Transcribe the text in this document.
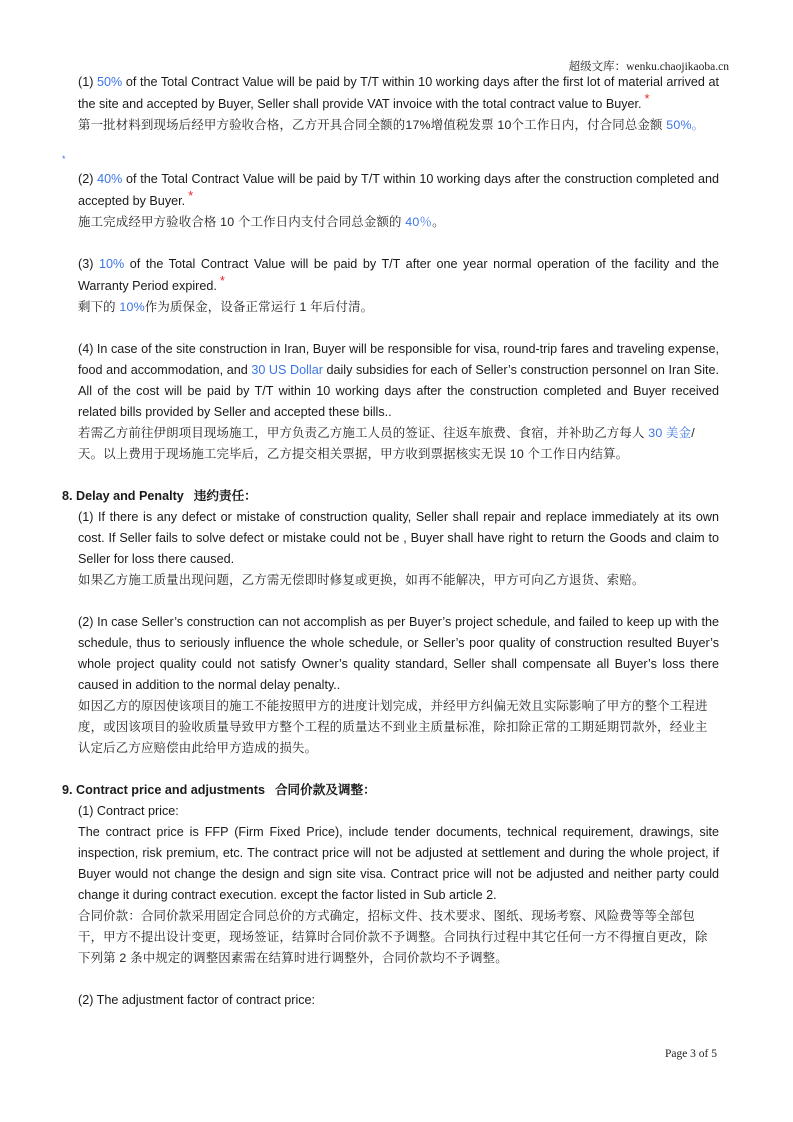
超级文库：wenku.chaojikaoba.cn
*

(1) 50% of the Total Contract Value will be paid by T/T within 10 working days after the first lot of material arrived at the site and accepted by Buyer, Seller shall provide VAT invoice with the total contract value to Buyer. *

第一批材料到现场后经甲方验收合格，乙方开具合同全额的17%增值税发票 10个工作日内，付合同总金额 50%。

(2) 40% of the Total Contract Value will be paid by T/T within 10 working days after the construction completed and accepted by Buyer. *

施工完成经甲方验收合格 10 个工作日内支付合同总金额的 40％。

(3) 10% of the Total Contract Value will be paid by T/T after one year normal operation of the facility and the Warranty Period expired. *

剩下的 10%作为质保金，设备正常运行 1 年后付清。

(4) In case of the site construction in Iran, Buyer will be responsible for visa, round-trip fares and traveling expense, food and accommodation, and 30 US Dollar daily subsidies for each of Seller’s construction personnel on Iran Site. All of the cost will be paid by T/T within 10 working days after the construction completed and Buyer received related bills provided by Seller and accepted these bills..

若需乙方前往伊朗项目现场施工，甲方负责乙方施工人员的签证、往返车旅费、食宿，并补助乙方每人 30 美金/天。以上费用于现场施工完毕后，乙方提交相关票据，甲方收到票据核实无误 10 个工作日内结算。

8. Delay and Penalty 违约责任：

(1) If there is any defect or mistake of construction quality, Seller shall repair and replace immediately at its own cost. If Seller fails to solve defect or mistake could not be , Buyer shall have right to return the Goods and claim to Seller for loss there caused.

如果乙方施工质量出现问题，乙方需无偿即时修复或更换，如再不能解决，甲方可向乙方退货、索赔。

(2) In case Seller’s construction can not accomplish as per Buyer’s project schedule, and failed to keep up with the schedule, thus to seriously influence the whole schedule, or Seller’s poor quality of construction resulted Buyer’s whole project quality could not satisfy Owner’s quality standard, Seller shall compensate all Buyer’s loss there caused in addition to the normal delay penalty..

如因乙方的原因使该项目的施工不能按照甲方的进度计划完成，并经甲方纠偏无效且实际影响了甲方的整个工程进度，或因该项目的验收质量导致甲方整个工程的质量达不到业主质量标准，除扣除正常的工期延期罚款外，经业主认定后乙方应赔偿由此给甲方造成的损失。

9. Contract price and adjustments 合同价款及调整：

(1) Contract price:

The contract price is FFP (Firm Fixed Price), include tender documents, technical requirement, drawings, site inspection, risk premium, etc. The contract price will not be adjusted at settlement and during the whole project, if Buyer would not change the design and sign site visa. Contract price will not be adjusted and neither party could change it during contract execution. except the factor listed in Sub article 2.

合同价款：合同价款采用固定合同总价的方式确定，招标文件、技术要求、图纸、现场考察、风险费等等全部包干，甲方不提出设计变更，现场签证，结算时合同价款不予调整。合同执行过程中其它任何一方不得擅自更改，除下列第 2 条中规定的调整因素需在结算时进行调整外，合同价款均不予调整。

(2) The adjustment factor of contract price:

Page 3 of 5
